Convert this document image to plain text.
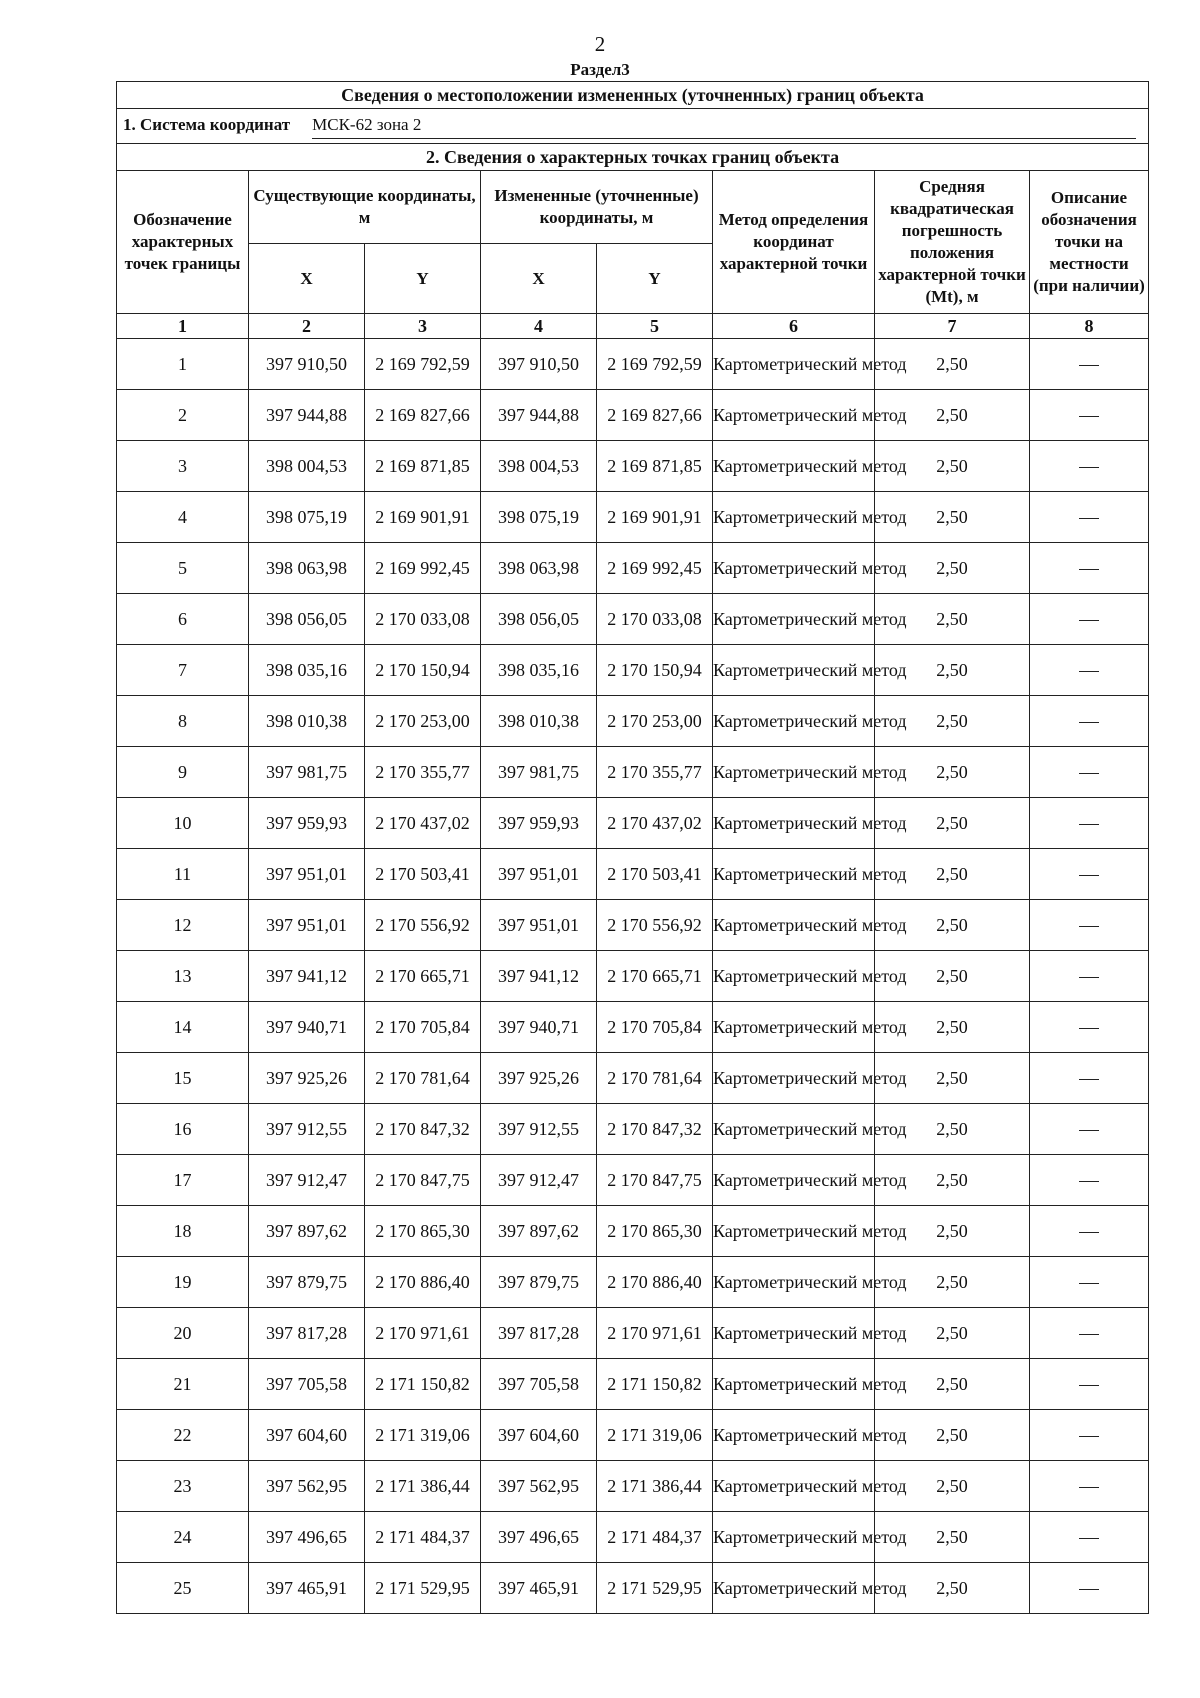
2
Раздел3
Сведения о местоположении измененных (уточненных) границ объекта							

1. Система координат МСК-62 зона 2							

2. Сведения о характерных точках границ объекта							
Обозначение характерных точек границы	Существующие координаты, м		Измененные (уточненные) координаты, м		Метод определения координат характерной точки	Средняя квадратическая погрешность положения характерной точки (Mt), м	Описание обозначения точки на местности (при наличии)
	X	Y	X	Y			
1	2	3	4	5	6	7	8
1	397 910,50	2 169 792,59	397 910,50	2 169 792,59	Картометрический метод	2,50	
2	397 944,88	2 169 827,66	397 944,88	2 169 827,66	Картометрический метод	2,50	
3	398 004,53	2 169 871,85	398 004,53	2 169 871,85	Картометрический метод	2,50	
4	398 075,19	2 169 901,91	398 075,19	2 169 901,91	Картометрический метод	2,50	
5	398 063,98	2 169 992,45	398 063,98	2 169 992,45	Картометрический метод	2,50	
6	398 056,05	2 170 033,08	398 056,05	2 170 033,08	Картометрический метод	2,50	
7	398 035,16	2 170 150,94	398 035,16	2 170 150,94	Картометрический метод	2,50	
8	398 010,38	2 170 253,00	398 010,38	2 170 253,00	Картометрический метод	2,50	
9	397 981,75	2 170 355,77	397 981,75	2 170 355,77	Картометрический метод	2,50	
10	397 959,93	2 170 437,02	397 959,93	2 170 437,02	Картометрический метод	2,50	
11	397 951,01	2 170 503,41	397 951,01	2 170 503,41	Картометрический метод	2,50	
12	397 951,01	2 170 556,92	397 951,01	2 170 556,92	Картометрический метод	2,50	
13	397 941,12	2 170 665,71	397 941,12	2 170 665,71	Картометрический метод	2,50	
14	397 940,71	2 170 705,84	397 940,71	2 170 705,84	Картометрический метод	2,50	
15	397 925,26	2 170 781,64	397 925,26	2 170 781,64	Картометрический метод	2,50	
16	397 912,55	2 170 847,32	397 912,55	2 170 847,32	Картометрический метод	2,50	
17	397 912,47	2 170 847,75	397 912,47	2 170 847,75	Картометрический метод	2,50	
18	397 897,62	2 170 865,30	397 897,62	2 170 865,30	Картометрический метод	2,50	
19	397 879,75	2 170 886,40	397 879,75	2 170 886,40	Картометрический метод	2,50	
20	397 817,28	2 170 971,61	397 817,28	2 170 971,61	Картометрический метод	2,50	
21	397 705,58	2 171 150,82	397 705,58	2 171 150,82	Картометрический метод	2,50	
22	397 604,60	2 171 319,06	397 604,60	2 171 319,06	Картометрический метод	2,50	
23	397 562,95	2 171 386,44	397 562,95	2 171 386,44	Картометрический метод	2,50	
24	397 496,65	2 171 484,37	397 496,65	2 171 484,37	Картометрический метод	2,50	
25	397 465,91	2 171 529,95	397 465,91	2 171 529,95	Картометрический метод	2,50	
